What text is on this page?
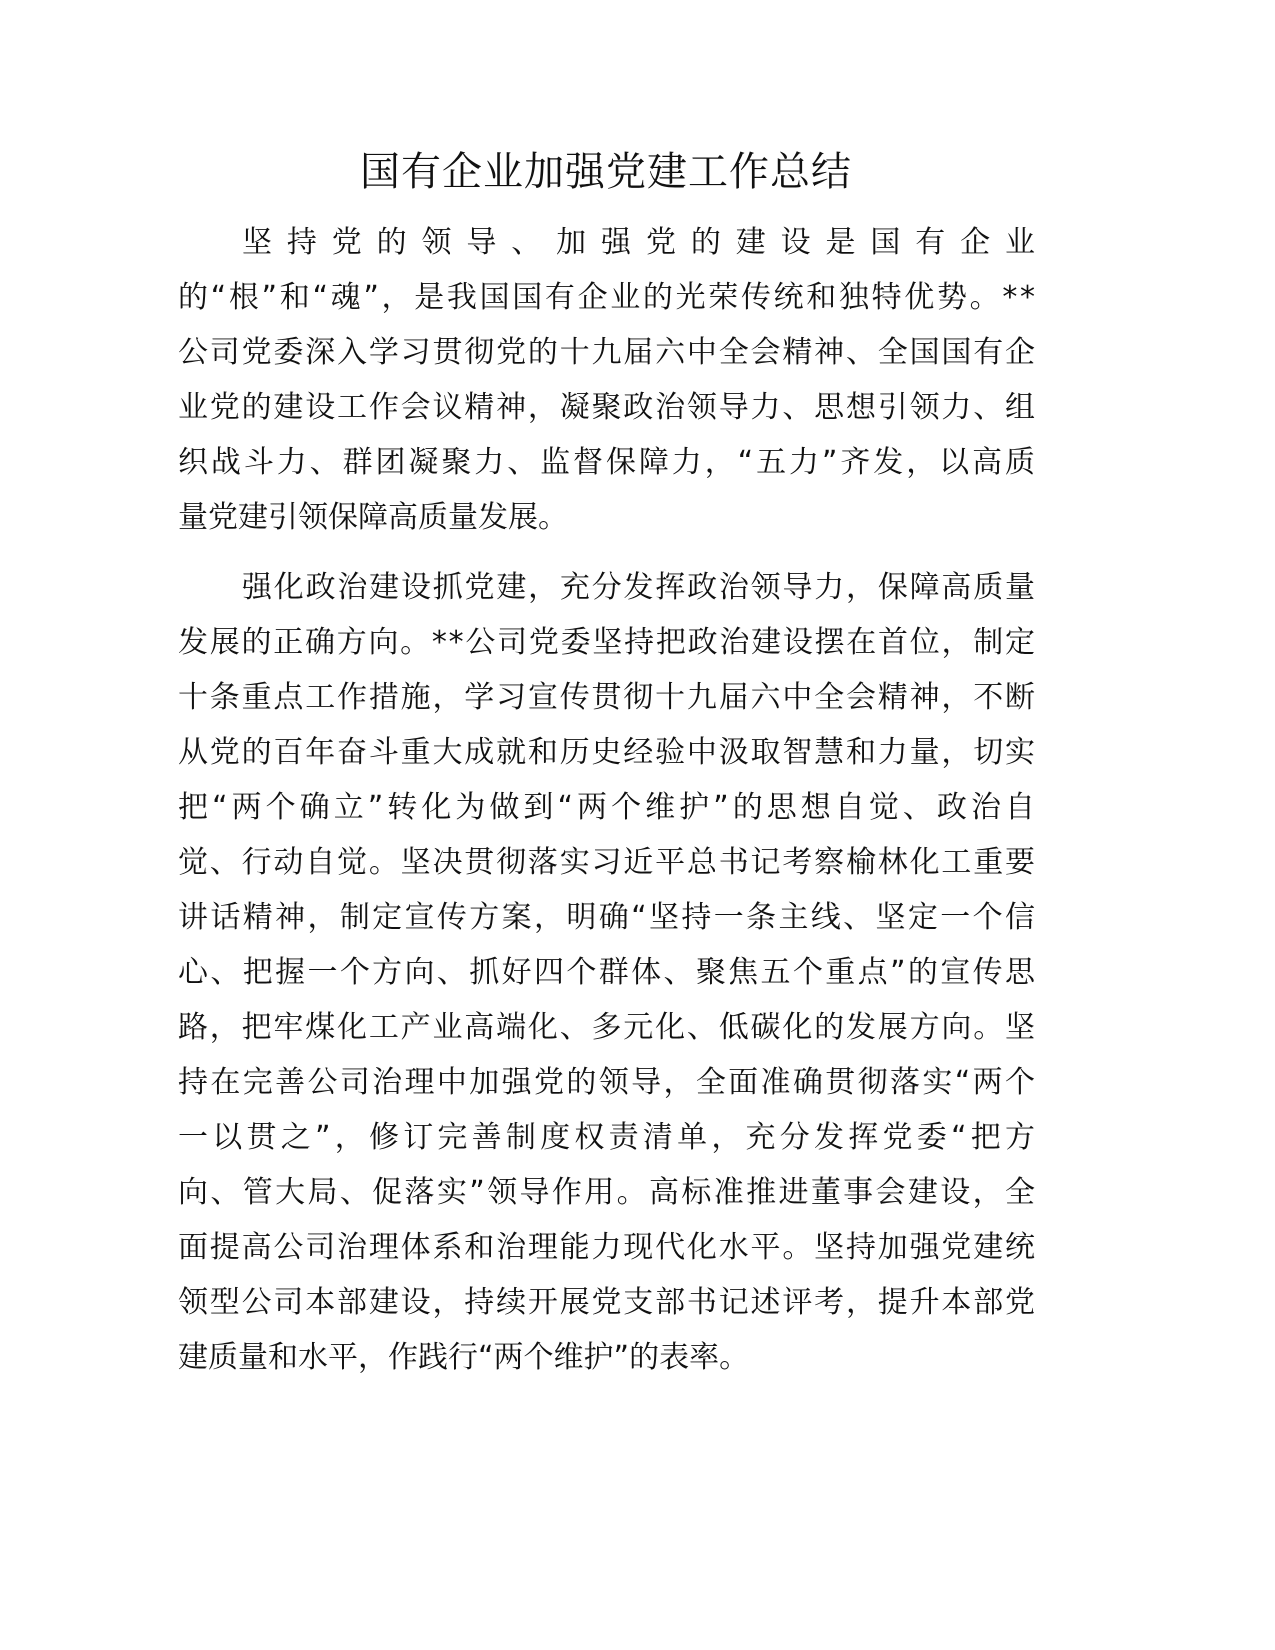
国有企业加强党建工作总结
坚持党的领导、加强党的建设是国有企业
的“根”和“魂”，是我国国有企业的光荣传统和独特优势。**
公司党委深入学习贯彻党的十九届六中全会精神、全国国有企
业党的建设工作会议精神，凝聚政治领导力、思想引领力、组
织战斗力、群团凝聚力、监督保障力，“五力”齐发，以高质
量党建引领保障高质量发展。
强化政治建设抓党建，充分发挥政治领导力，保障高质量
发展的正确方向。**公司党委坚持把政治建设摆在首位，制定
十条重点工作措施，学习宣传贯彻十九届六中全会精神，不断
从党的百年奋斗重大成就和历史经验中汲取智慧和力量，切实
把“两个确立”转化为做到“两个维护”的思想自觉、政治自
觉、行动自觉。坚决贯彻落实习近平总书记考察榆林化工重要
讲话精神，制定宣传方案，明确“坚持一条主线、坚定一个信
心、把握一个方向、抓好四个群体、聚焦五个重点”的宣传思
路，把牢煤化工产业高端化、多元化、低碳化的发展方向。坚
持在完善公司治理中加强党的领导，全面准确贯彻落实“两个
一以贯之”，修订完善制度权责清单，充分发挥党委“把方
向、管大局、促落实”领导作用。高标准推进董事会建设，全
面提高公司治理体系和治理能力现代化水平。坚持加强党建统
领型公司本部建设，持续开展党支部书记述评考，提升本部党
建质量和水平，作践行“两个维护”的表率。
